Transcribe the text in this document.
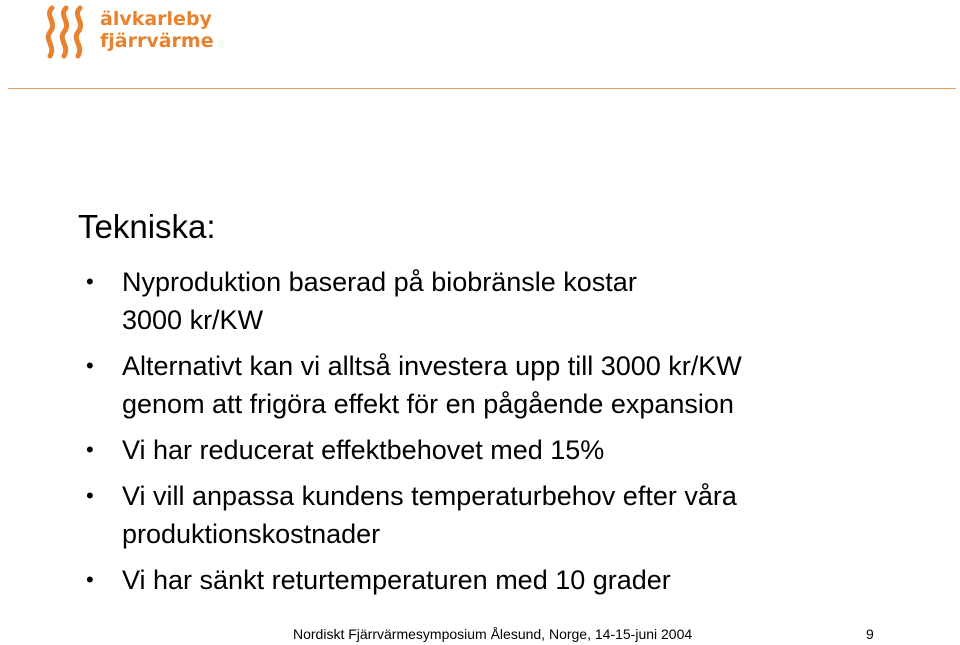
älvkarleby
fjärrvärme
Tekniska:
• Nyproduktion baserad på biobränsle kostar
3000 kr/KW
• Alternativt kan vi alltså investera upp till 3000 kr/KW
genom att frigöra effekt för en pågående expansion
• Vi har reducerat effektbehovet med 15%
• Vi vill anpassa kundens temperaturbehov efter våra
produktionskostnader
• Vi har sänkt returtemperaturen med 10 grader
Nordiskt Fjärrvärmesymposium Ålesund, Norge, 14-15-juni 2004	9
